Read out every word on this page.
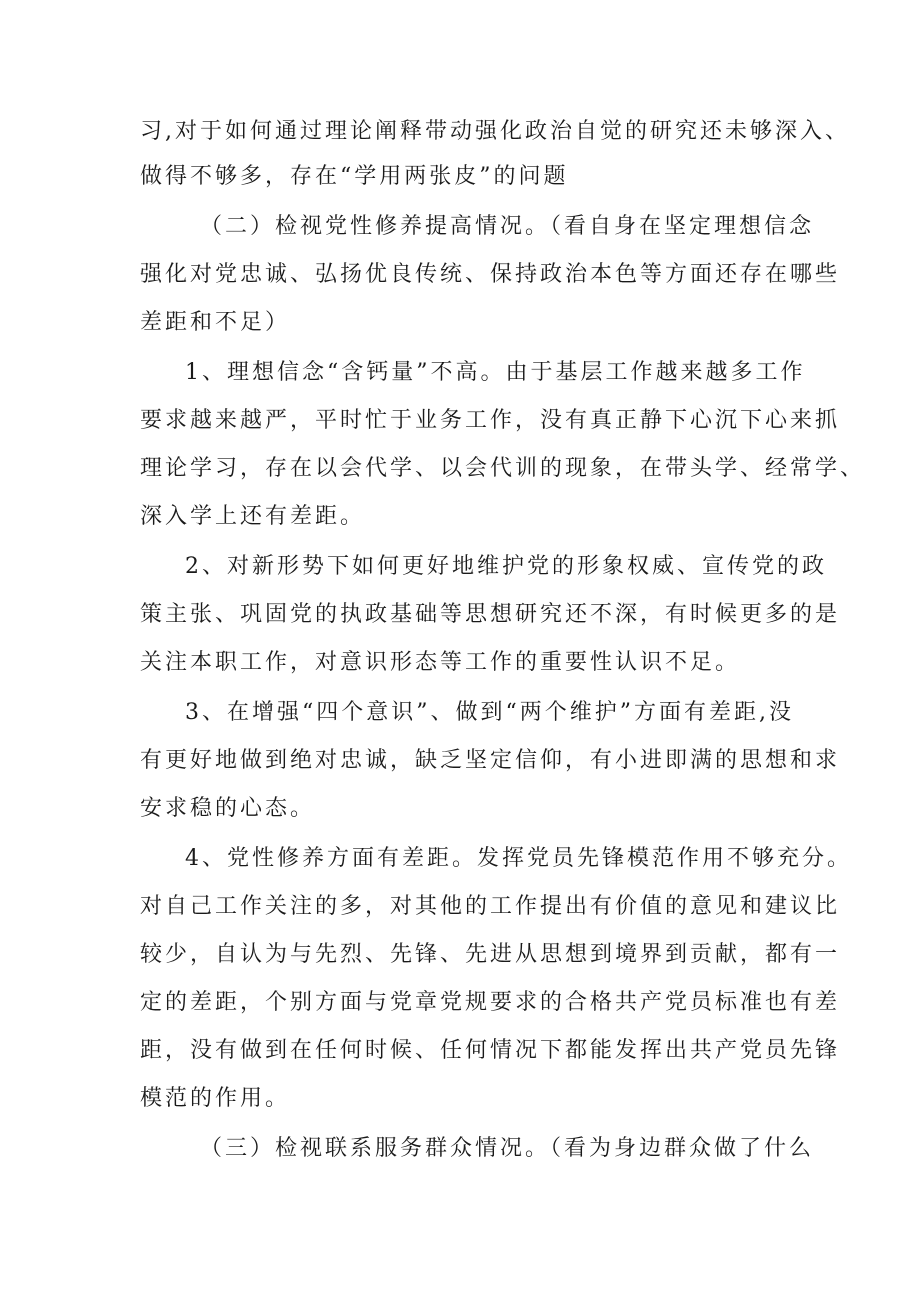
习,对于如何通过理论阐释带动强化政治自觉的研究还未够深入、
做得不够多，存在“学用两张皮”的问题
（二）检视党性修养提高情况。（看自身在坚定理想信念
强化对党忠诚、弘扬优良传统、保持政治本色等方面还存在哪些
差距和不足）
1、理想信念“含钙量”不高。由于基层工作越来越多工作
要求越来越严，平时忙于业务工作，没有真正静下心沉下心来抓
理论学习，存在以会代学、以会代训的现象，在带头学、经常学、
深入学上还有差距。
2、对新形势下如何更好地维护党的形象权威、宣传党的政
策主张、巩固党的执政基础等思想研究还不深，有时候更多的是
关注本职工作，对意识形态等工作的重要性认识不足。
3、在增强“四个意识”、做到“两个维护”方面有差距,没
有更好地做到绝对忠诚，缺乏坚定信仰，有小进即满的思想和求
安求稳的心态。
4、党性修养方面有差距。发挥党员先锋模范作用不够充分。
对自己工作关注的多，对其他的工作提出有价值的意见和建议比
较少，自认为与先烈、先锋、先进从思想到境界到贡献，都有一
定的差距，个别方面与党章党规要求的合格共产党员标准也有差
距，没有做到在任何时候、任何情况下都能发挥出共产党员先锋
模范的作用。
（三）检视联系服务群众情况。（看为身边群众做了什么
